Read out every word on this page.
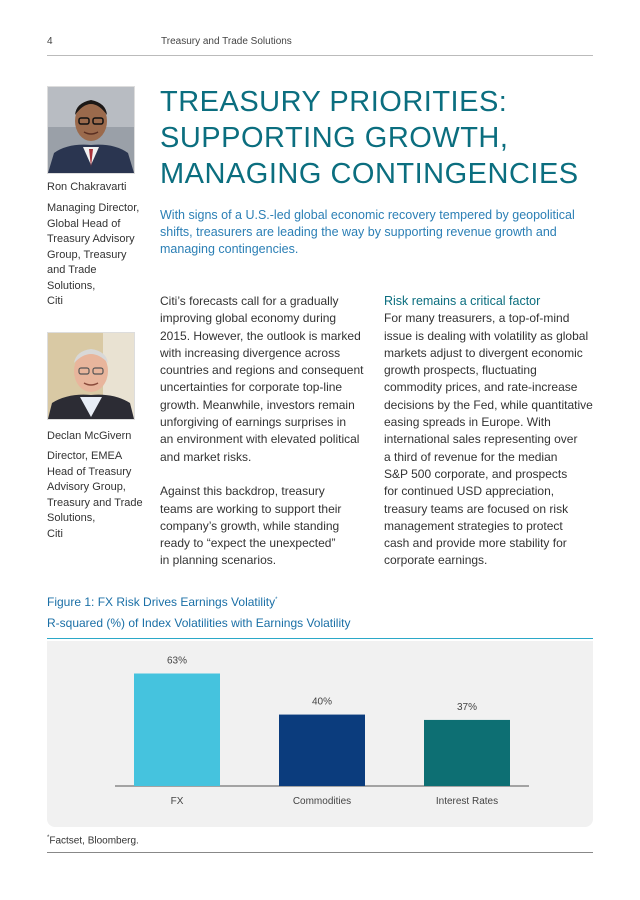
4	Treasury and Trade Solutions
Ron Chakravarti
Managing Director,
Global Head of
Treasury Advisory
Group, Treasury
and Trade
Solutions,
Citi
Declan McGivern
Director, EMEA
Head of Treasury
Advisory Group,
Treasury and Trade
Solutions,
Citi
TREASURY PRIORITIES:
SUPPORTING GROWTH,
MANAGING CONTINGENCIES
With signs of a U.S.-led global economic recovery tempered by geopolitical
shifts, treasurers are leading the way by supporting revenue growth and
managing contingencies.
Citi’s forecasts call for a gradually
improving global economy during
2015. However, the outlook is marked
with increasing divergence across
countries and regions and consequent
uncertainties for corporate top-line
growth. Meanwhile, investors remain
unforgiving of earnings surprises in
an environment with elevated political
and market risks.
Against this backdrop, treasury
teams are working to support their
company’s growth, while standing
ready to “expect the unexpected”
in planning scenarios.
Risk remains a critical factor
For many treasurers, a top-of-mind
issue is dealing with volatility as global
markets adjust to divergent economic
growth prospects, fluctuating
commodity prices, and rate-increase
decisions by the Fed, while quantitative
easing spreads in Europe. With
international sales representing over
a third of revenue for the median
S&P 500 corporate, and prospects
for continued USD appreciation,
treasury teams are focused on risk
management strategies to protect
cash and provide more stability for
corporate earnings.
Figure 1: FX Risk Drives Earnings Volatility*
R-squared (%) of Index Volatilities with Earnings Volatility
63%
FX
40%
Commodities
37%
Interest Rates
*Factset, Bloomberg.
